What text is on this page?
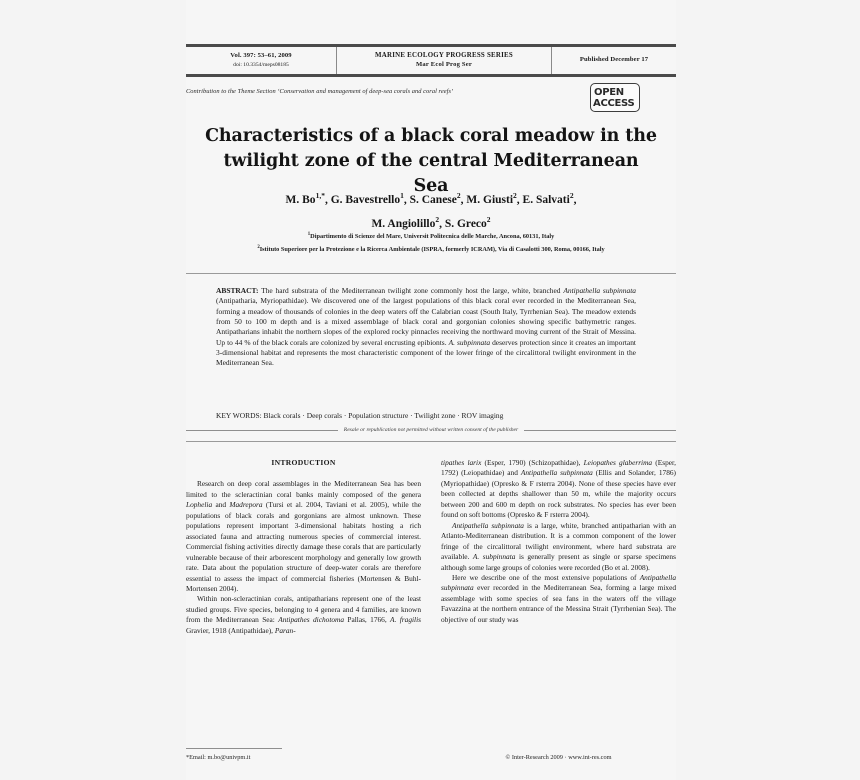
Vol. 397: 53–61, 2009
doi: 10.3354/meps08185
MARINE ECOLOGY PROGRESS SERIES
Mar Ecol Prog Ser
Published December 17
Contribution to the Theme Section ‘Conservation and management of deep-sea corals and coral reefs’	OPEN
ACCESS
Characteristics of a black coral meadow in the
twilight zone of the central Mediterranean Sea
M. $Bo^{1,*}$, G. Bavestrello$^1$, S. Canese$^2$, M. Giusti$^2$, E. Salvati$^2$,
M. Angiolillo$^2$, S. Greco$^2$
$^1$Dipartimento di Scienze del Mare, Universit Politecnica delle Marche, Ancona, 60131, Italy
$^2$Istituto Superiore per la Protezione e la Ricerca Ambientale (ISPRA, formerly ICRAM), Via di Casalotti 300, Roma, 00166, Italy
ABSTRACT: The hard substrata of the Mediterranean twilight zone commonly host the large, white, branched Antipathella subpinnata (Antipatharia, Myriopathidae). We discovered one of the largest populations of this black coral ever recorded in the Mediterranean Sea, forming a meadow of thousands of colonies in the deep waters off the Calabrian coast (South Italy, Tyrrhenian Sea). The meadow extends from 50 to 100 m depth and is a mixed assemblage of black coral and gorgonian colonies showing specific bathymetric ranges. Antipatharians inhabit the northern slopes of the explored rocky pinnacles receiving the northward moving current of the Strait of Messina. Up to 44 % of the black corals are colonized by several encrusting epibionts. A. subpinnata deserves protection since it creates an important 3-dimensional habitat and represents the most characteristic component of the lower fringe of the circalittoral twilight environment in the Mediterranean Sea.
KEY WORDS: Black corals · Deep corals · Population structure · Twilight zone · ROV imaging
Resale or republication not permitted without written consent of the publisher
INTRODUCTION

Research on deep coral assemblages in the Mediterranean Sea has been limited to the scleractinian coral banks mainly composed of the genera Lophelia and Madrepora (Tursi et al. 2004, Taviani et al. 2005), while the populations of black corals and gorgonians are almost unknown. These populations represent important 3-dimensional habitats hosting a rich associated fauna and attracting numerous species of commercial interest. Commercial fishing activities directly damage these corals that are particularly vulnerable because of their arborescent morphology and generally low growth rate. Data about the population structure of deep-water corals are therefore essential to assess the impact of commercial fisheries (Mortensen & Buhl-Mortensen 2004).

Within non-scleractinian corals, antipatharians represent one of the least studied groups. Five species, belonging to 4 genera and 4 families, are known from the Mediterranean Sea: Antipathes dichotoma Pallas, 1766, A. fragilis Gravier, 1918 (Antipathidae), Paran-

tipathes larix (Esper, 1790) (Schizopathidae), Leiopathes glaberrima (Esper, 1792) (Leiopathidae) and Antipathella subpinnata (Ellis and Solander, 1786) (Myriopathidae) (Opresko & F rsterra 2004). None of these species have ever been collected at depths shallower than 50 m, while the majority occurs between 200 and 600 m depth on rock substrates. No species has ever been found on soft bottoms (Opresko & F rsterra 2004).

Antipathella subpinnata is a large, white, branched antipatharian with an Atlanto-Mediterranean distribution. It is a common component of the lower fringe of the circalittoral twilight environment, where hard substrata are available. A. subpinnata is generally present as single or sparse specimens although some large groups of colonies were recorded (Bo et al. 2008).

Here we describe one of the most extensive populations of Antipathella subpinnata ever recorded in the Mediterranean Sea, forming a large mixed assemblage with some species of sea fans in the waters off the village Favazzina at the northern entrance of the Messina Strait (Tyrrhenian Sea). The objective of our study was

*Email: m.bo@univpm.it	© Inter-Research 2009 · www.int-res.com
